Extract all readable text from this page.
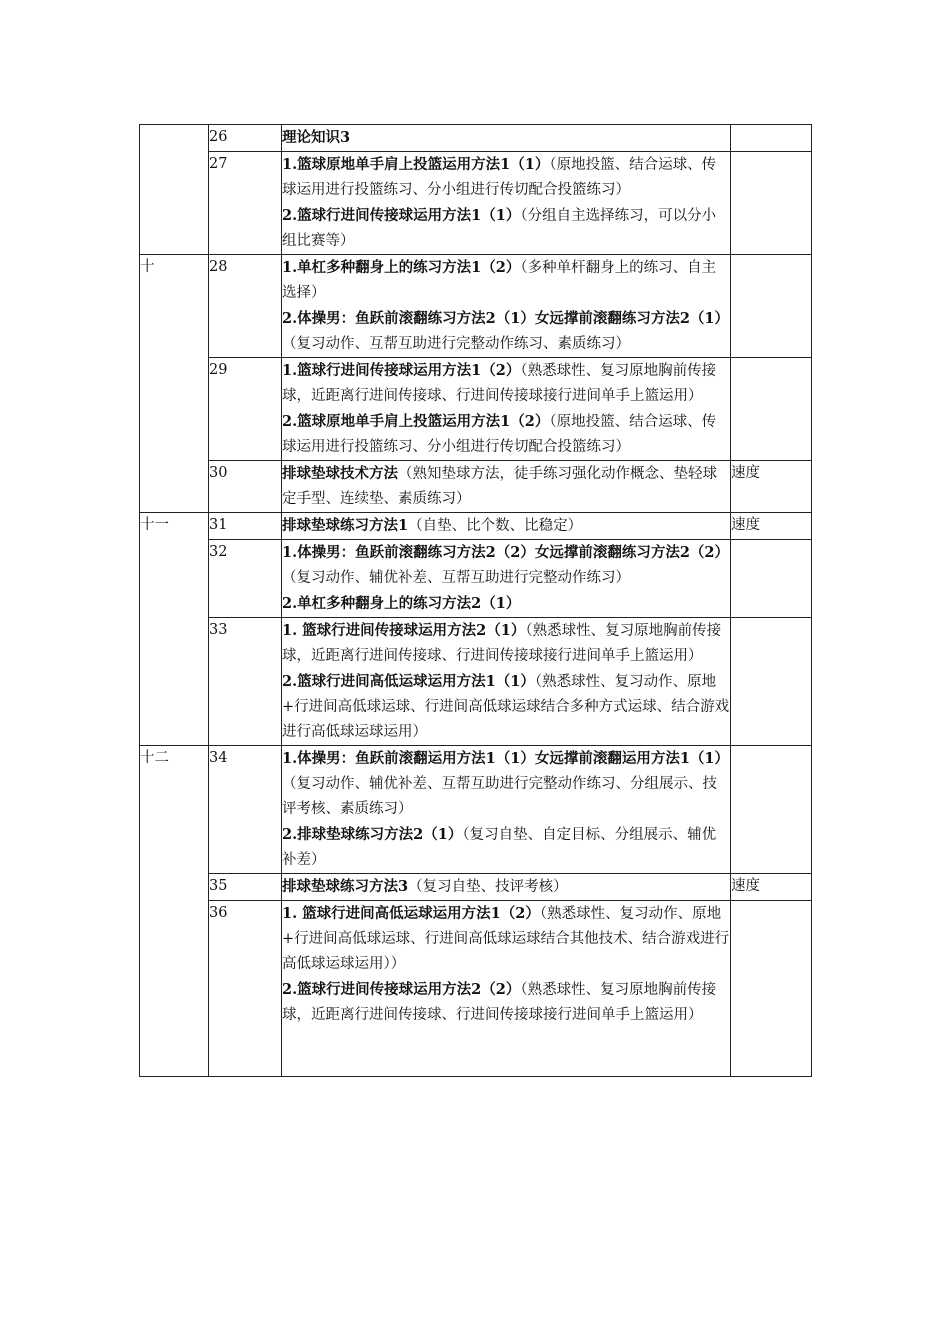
	26	理论知识3	

	27	1.篮球原地单手肩上投篮运用方法1（1）（原地投篮、结合运球、传球运用进行投篮练习、分小组进行传切配合投篮练习）

2.篮球行进间传接球运用方法1（1）（分组自主选择练习，可以分小组比赛等）	

十	28	1.单杠多种翻身上的练习方法1（2）（多种单杆翻身上的练习、自主选择）

2.体操男：鱼跃前滚翻练习方法2（1）女远撑前滚翻练习方法2（1）（复习动作、互帮互助进行完整动作练习、素质练习）	

	29	1.篮球行进间传接球运用方法1（2）（熟悉球性、复习原地胸前传接球，近距离行进间传接球、行进间传接球接行进间单手上篮运用）

2.篮球原地单手肩上投篮运用方法1（2）（原地投篮、结合运球、传球运用进行投篮练习、分小组进行传切配合投篮练习）	

	30	排球垫球技术方法（熟知垫球方法，徒手练习强化动作概念、垫轻球定手型、连续垫、素质练习）	速度
十一	31	排球垫球练习方法1（自垫、比个数、比稳定）	速度
	32	1.体操男：鱼跃前滚翻练习方法2（2）女远撑前滚翻练习方法2（2）（复习动作、辅优补差、互帮互助进行完整动作练习）

2.单杠多种翻身上的练习方法2（1）	

	33	1. 篮球行进间传接球运用方法2（1）（熟悉球性、复习原地胸前传接球，近距离行进间传接球、行进间传接球接行进间单手上篮运用）

2.篮球行进间高低运球运用方法1（1）（熟悉球性、复习动作、原地+行进间高低球运球、行进间高低球运球结合多种方式运球、结合游戏进行高低球运球运用）	

十二	34	1.体操男：鱼跃前滚翻运用方法1（1）女远撑前滚翻运用方法1（1）（复习动作、辅优补差、互帮互助进行完整动作练习、分组展示、技评考核、素质练习）

2.排球垫球练习方法2（1）（复习自垫、自定目标、分组展示、辅优补差）	

	35	排球垫球练习方法3（复习自垫、技评考核）	速度
	36	1. 篮球行进间高低运球运用方法1（2）（熟悉球性、复习动作、原地+行进间高低球运球、行进间高低球运球结合其他技术、结合游戏进行高低球运球运用））

2.篮球行进间传接球运用方法2（2）（熟悉球性、复习原地胸前传接球，近距离行进间传接球、行进间传接球接行进间单手上篮运用）	
